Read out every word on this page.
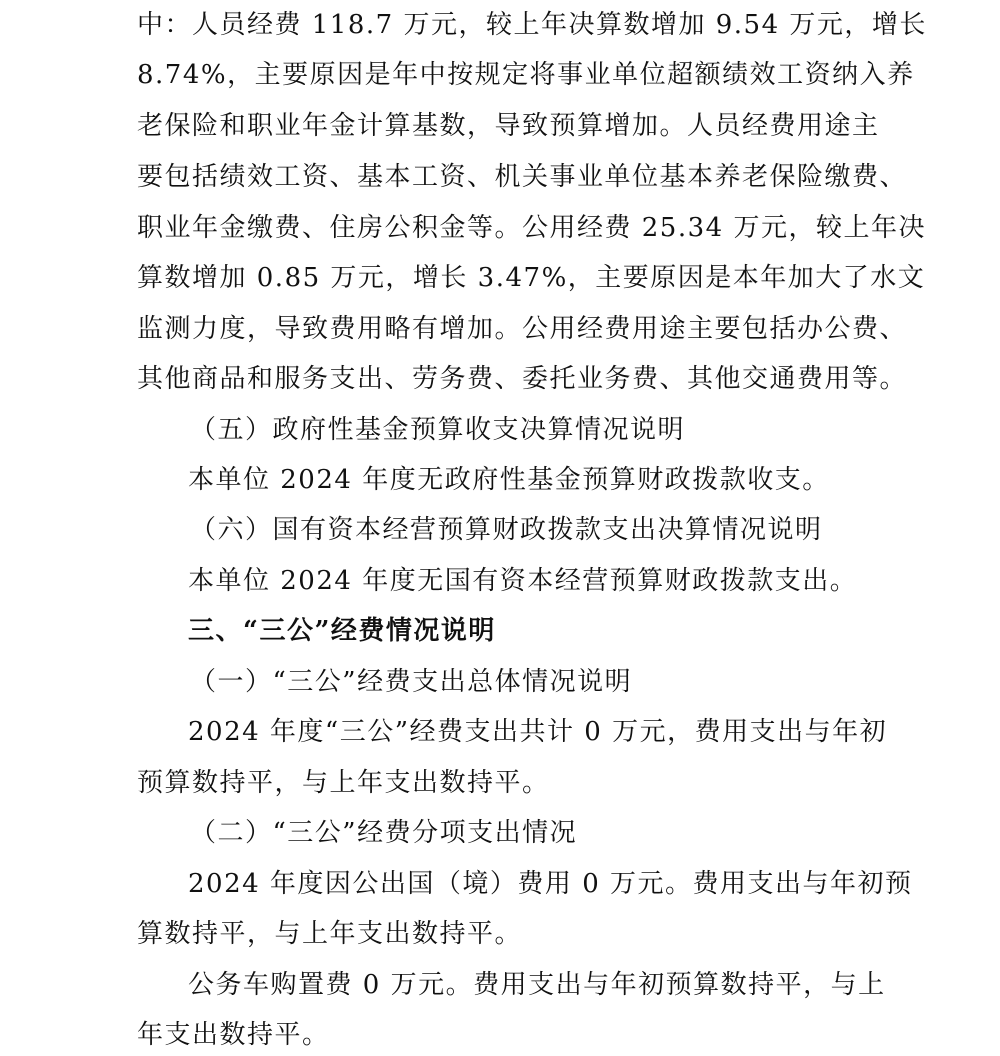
中：人员经费 118.7 万元，较上年决算数增加 9.54 万元，增长
8.74%，主要原因是年中按规定将事业单位超额绩效工资纳入养
老保险和职业年金计算基数，导致预算增加。人员经费用途主
要包括绩效工资、基本工资、机关事业单位基本养老保险缴费、
职业年金缴费、住房公积金等。公用经费 25.34 万元，较上年决
算数增加 0.85 万元，增长 3.47%，主要原因是本年加大了水文
监测力度，导致费用略有增加。公用经费用途主要包括办公费、
其他商品和服务支出、劳务费、委托业务费、其他交通费用等。
（五）政府性基金预算收支决算情况说明
本单位 2024 年度无政府性基金预算财政拨款收支。
（六）国有资本经营预算财政拨款支出决算情况说明
本单位 2024 年度无国有资本经营预算财政拨款支出。
三、“三公”经费情况说明
（一）“三公”经费支出总体情况说明
2024 年度“三公”经费支出共计 0 万元，费用支出与年初
预算数持平，与上年支出数持平。
（二）“三公”经费分项支出情况
2024 年度因公出国（境）费用 0 万元。费用支出与年初预
算数持平，与上年支出数持平。
公务车购置费 0 万元。费用支出与年初预算数持平，与上
年支出数持平。
